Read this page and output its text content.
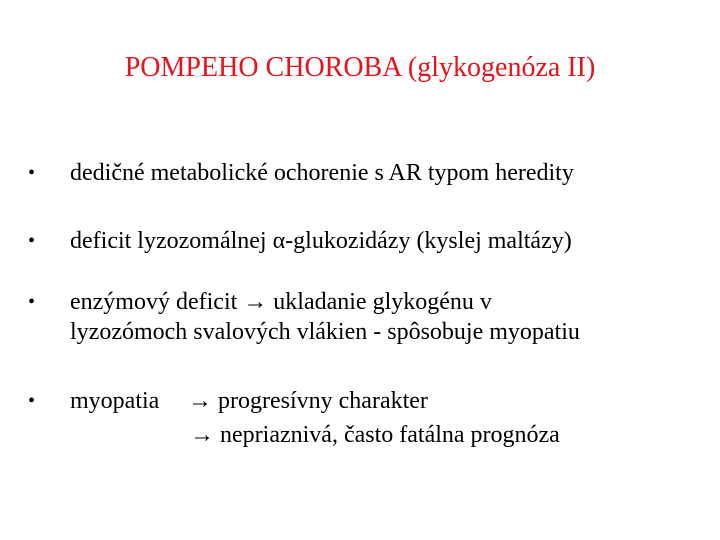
POMPEHO CHOROBA (glykogenóza II)
•	dedičné metabolické ochorenie s AR typom heredity
•	deficit lyzozomálnej α-glukozidázy (kyslej maltázy)
•	enzýmový deficit → ukladanie glykogénu v
lyzozómoch svalových vlákien - spôsobuje myopatiu
•	myopatia → progresívny charakter
→ nepriaznivá, často fatálna prognóza
